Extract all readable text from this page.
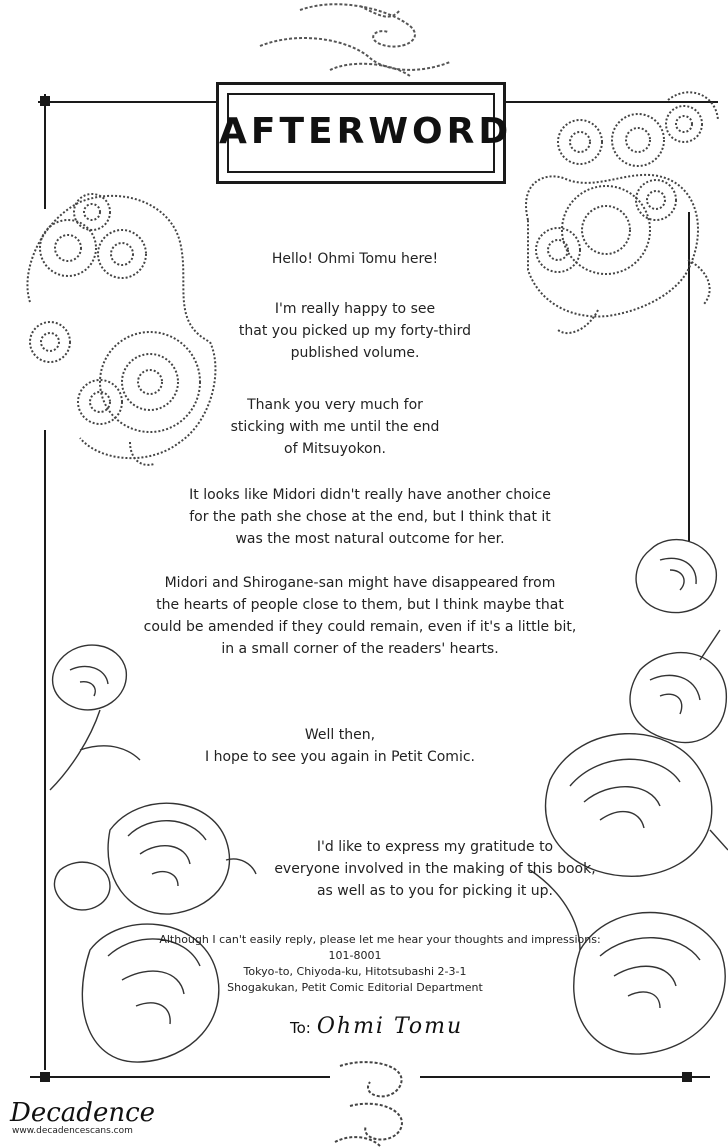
AFTERWORD
Hello! Ohmi Tomu here!
I'm really happy to see
that you picked up my forty-third
published volume.
Thank you very much for
sticking with me until the end
of Mitsuyokon.
It looks like Midori didn't really have another choice
for the path she chose at the end, but I think that it
was the most natural outcome for her.
Midori and Shirogane-san might have disappeared from
the hearts of people close to them, but I think maybe that
could be amended if they could remain, even if it's a little bit,
in a small corner of the readers' hearts.
Well then,
I hope to see you again in Petit Comic.
I'd like to express my gratitude to
everyone involved in the making of this book,
as well as to you for picking it up.
Although I can't easily reply, please let me hear your thoughts and impressions:
101-8001
Tokyo-to, Chiyoda-ku, Hitotsubashi 2-3-1
Shogakukan, Petit Comic Editorial Department
To: Ohmi Tomu
Decadence
www.decadencescans.com
